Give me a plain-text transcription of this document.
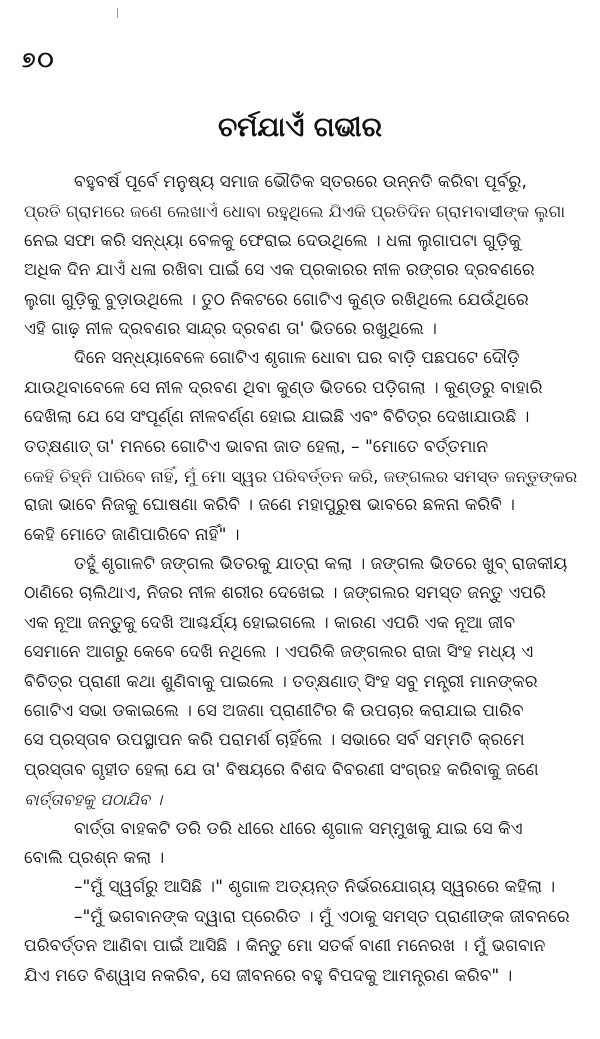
୭୦
ଚର୍ମଯାଏଁ ଗଭୀର
ବହୁବର୍ଷ ପୂର୍ବେ ମନୁଷ୍ୟ ସମାଜ ଭୌତିକ ସ୍ତରରେ ଉନ୍ନତି କରିବା ପୂର୍ବରୁ,
ପ୍ରତି ଗ୍ରାମରେ ଜଣେ ଲେଖାଏଁ ଧୋବା ରହୁଥିଲେ ଯିଏକି ପ୍ରତିଦିନ ଗ୍ରାମବାସୀଙ୍କ ଲୁଗା
ନେଇ ସଫା କରି ସନ୍ଧ୍ୟା ବେଳକୁ ଫେରାଇ ଦେଉଥିଲେ । ଧଳା ଲୁଗାପଟା ଗୁଡ଼ିକୁ
ଅଧିକ ଦିନ ଯାଏଁ ଧଳା ରଖିବା ପାଇଁ ସେ ଏକ ପ୍ରକାରର ନୀଳ ରଙ୍ଗର ଦ୍ରବଣରେ
ଲୁଗା ଗୁଡ଼ିକୁ ବୁଡ଼ାଉଥିଲେ । ତୁଠ ନିକଟରେ ଗୋଟିଏ କୁଣ୍ଡ ରଖିଥିଲେ ଯେଉଁଥିରେ
ଏହି ଗାଢ଼ ନୀଳ ଦ୍ରବଣର ସାନ୍ଦ୍ର ଦ୍ରବଣ ତା' ଭିତରେ ରଖୁଥିଲେ ।
ଦିନେ ସନ୍ଧ୍ୟାବେଳେ ଗୋଟିଏ ଶୃଗାଳ ଧୋବା ଘର ବାଡ଼ି ପଛପଟେ ଦୌଡ଼ି
ଯାଉଥିବାବେଳେ ସେ ନୀଳ ଦ୍ରବଣ ଥିବା କୁଣ୍ଡ ଭିତରେ ପଡ଼ିଗଲା । କୁଣ୍ଡରୁ ବାହାରି
ଦେଖିଲା ଯେ ସେ ସଂପୂର୍ଣ୍ଣ ନୀଳବର୍ଣ୍ଣ ହୋଇ ଯାଇଛି ଏବଂ ବିଚିତ୍ର ଦେଖାଯାଉଛି ।
ତତ୍‌କ୍ଷଣାତ୍ ତା' ମନରେ ଗୋଟିଏ ଭାବନା ଜାତ ହେଲା, – "ମୋତେ ବର୍ତ୍ତମାନ
କେହି ଚିହ୍ନି ପାରିବେ ନାହିଁ, ମୁଁ ମୋ ସ୍ୱର ପରିବର୍ତ୍ତନ କରି, ଜଙ୍ଗଲର ସମସ୍ତ ଜନ୍ତୁଙ୍କର
ରାଜା ଭାବେ ନିଜକୁ ଘୋଷଣା କରିବି । ଜଣେ ମହାପୁରୁଷ ଭାବରେ ଛଳନା କରିବି ।
କେହି ମୋତେ ଜାଣିପାରିବେ ନାହିଁ" ।
ତହୁଁ ଶୃଗାଳଟି ଜଙ୍ଗଲ ଭିତରକୁ ଯାତ୍ରା କଲା । ଜଙ୍ଗଲ ଭିତରେ ଖୁବ୍ ରାଜକୀୟ
ଠାଣିରେ ଚାଲିଥାଏ, ନିଜର ନୀଳ ଶରୀର ଦେଖେଇ । ଜଙ୍ଗଲର ସମସ୍ତ ଜନ୍ତୁ ଏପରି
ଏକ ନୂଆ ଜନ୍ତୁକୁ ଦେଖି ଆଶ୍ଚର୍ଯ୍ୟ ହୋଇଗଲେ । କାରଣ ଏପରି ଏକ ନୂଆ ଜୀବ
ସେମାନେ ଆଗରୁ କେବେ ଦେଖି ନଥିଲେ । ଏପରିକି ଜଙ୍ଗଲର ରାଜା ସିଂହ ମଧ୍ୟ ଏ
ବିଚିତ୍ର ପ୍ରାଣୀ କଥା ଶୁଣିବାକୁ ପାଇଲେ । ତତ୍‌କ୍ଷଣାତ୍ ସିଂହ ସବୁ ମନ୍ତ୍ରୀ ମାନଙ୍କର
ଗୋଟିଏ ସଭା ଡକାଇଲେ । ସେ ଅଜଣା ପ୍ରାଣୀଟିର କି ଉପଚାର କରାଯାଇ ପାରିବ
ସେ ପ୍ରସ୍ତାବ ଉପସ୍ଥାପନ କରି ପରାମର୍ଶ ଚାହିଁଲେ । ସଭାରେ ସର୍ବ ସମ୍ମତି କ୍ରମେ
ପ୍ରସ୍ତାବ ଗୃହୀତ ହେଲା ଯେ ତା' ବିଷୟରେ ବିଶଦ ବିବରଣୀ ସଂଗ୍ରହ କରିବାକୁ ଜଣେ
ବାର୍ତ୍ତାବହକୁ ପଠାଯିବ ।
ବାର୍ତ୍ତା ବାହକଟି ଡରି ଡରି ଧୀରେ ଧୀରେ ଶୃଗାଳ ସମ୍ମୁଖକୁ ଯାଇ ସେ କିଏ
ବୋଲି ପ୍ରଶ୍ନ କଲା ।
–"ମୁଁ ସ୍ୱର୍ଗରୁ ଆସିଛି ।" ଶୃଗାଳ ଅତ୍ୟନ୍ତ ନିର୍ଭରଯୋଗ୍ୟ ସ୍ୱରରେ କହିଲା ।
–"ମୁଁ ଭଗବାନଙ୍କ ଦ୍ୱାରା ପ୍ରେରିତ । ମୁଁ ଏଠାକୁ ସମସ୍ତ ପ୍ରାଣୀଙ୍କ ଜୀବନରେ
ପରିବର୍ତ୍ତନ ଆଣିବା ପାଇଁ ଆସିଛି । କିନ୍ତୁ ମୋ ସତର୍କ ବାଣୀ ମନେରଖ । ମୁଁ ଭଗବାନ
ଯିଏ ମତେ ବିଶ୍ୱାସ ନକରିବ, ସେ ଜୀବନରେ ବହୁ ବିପଦକୁ ଆମନ୍ତ୍ରଣ କରିବ" ।
